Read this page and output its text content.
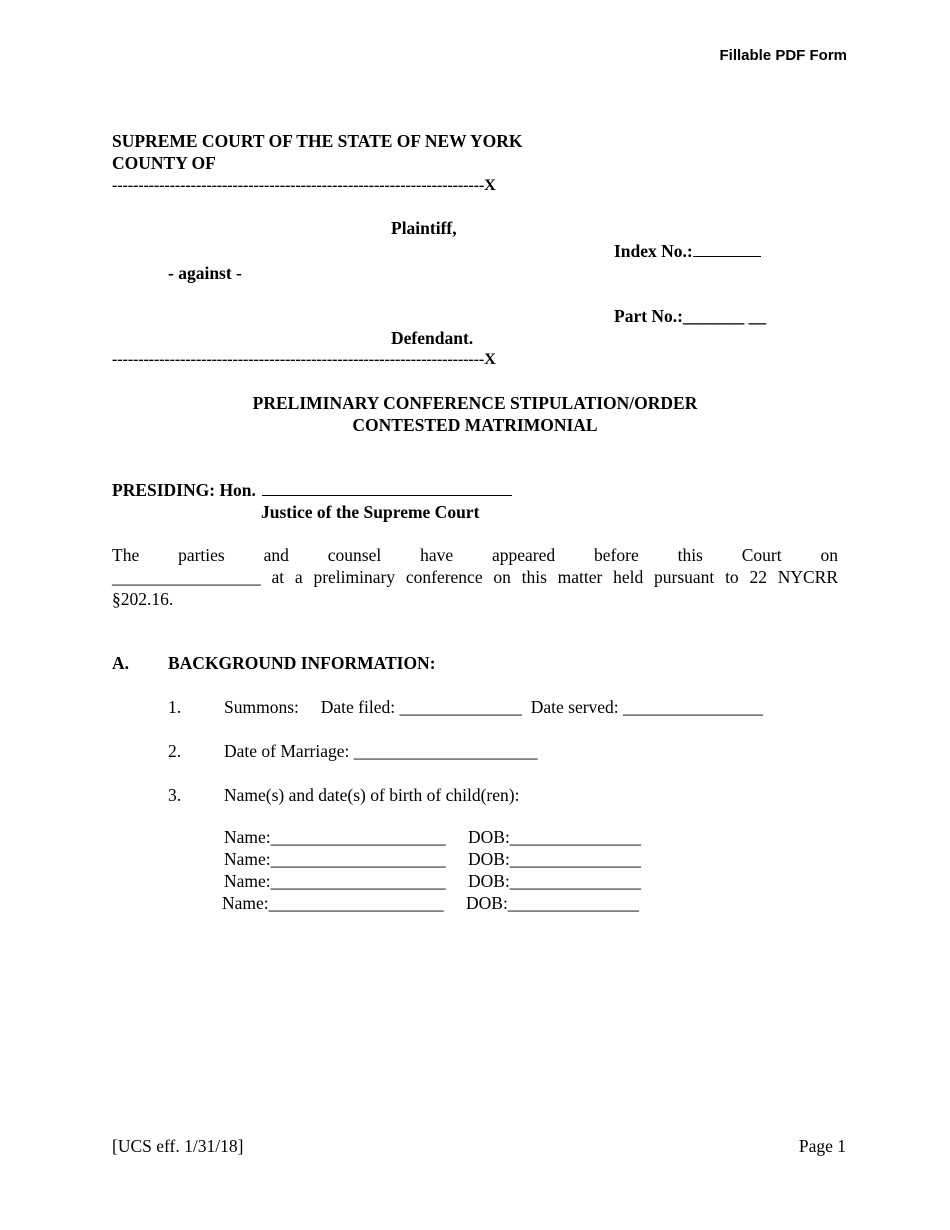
Fillable PDF Form
SUPREME COURT OF THE STATE OF NEW YORK
COUNTY OF
-----------------------------------------------------------------------X
Plaintiff,
Index No.:
- against -
Part No.:_______ __
Defendant.
-----------------------------------------------------------------------X
PRELIMINARY CONFERENCE STIPULATION/ORDER
CONTESTED MATRIMONIAL
PRESIDING: Hon.
Justice of the Supreme Court
The parties and counsel have appeared before this Court on
_________________ at a preliminary conference on this matter held pursuant to 22 NYCRR
§202.16.
A. BACKGROUND INFORMATION:
1. Summons:     Date filed: ______________  Date served: ________________
2. Date of Marriage: _____________________
3. Name(s) and date(s) of birth of child(ren):
Name:____________________ DOB:_______________
Name:____________________ DOB:_______________
Name:____________________ DOB:_______________
Name:____________________ DOB:_______________
[UCS eff. 1/31/18]	Page 1
